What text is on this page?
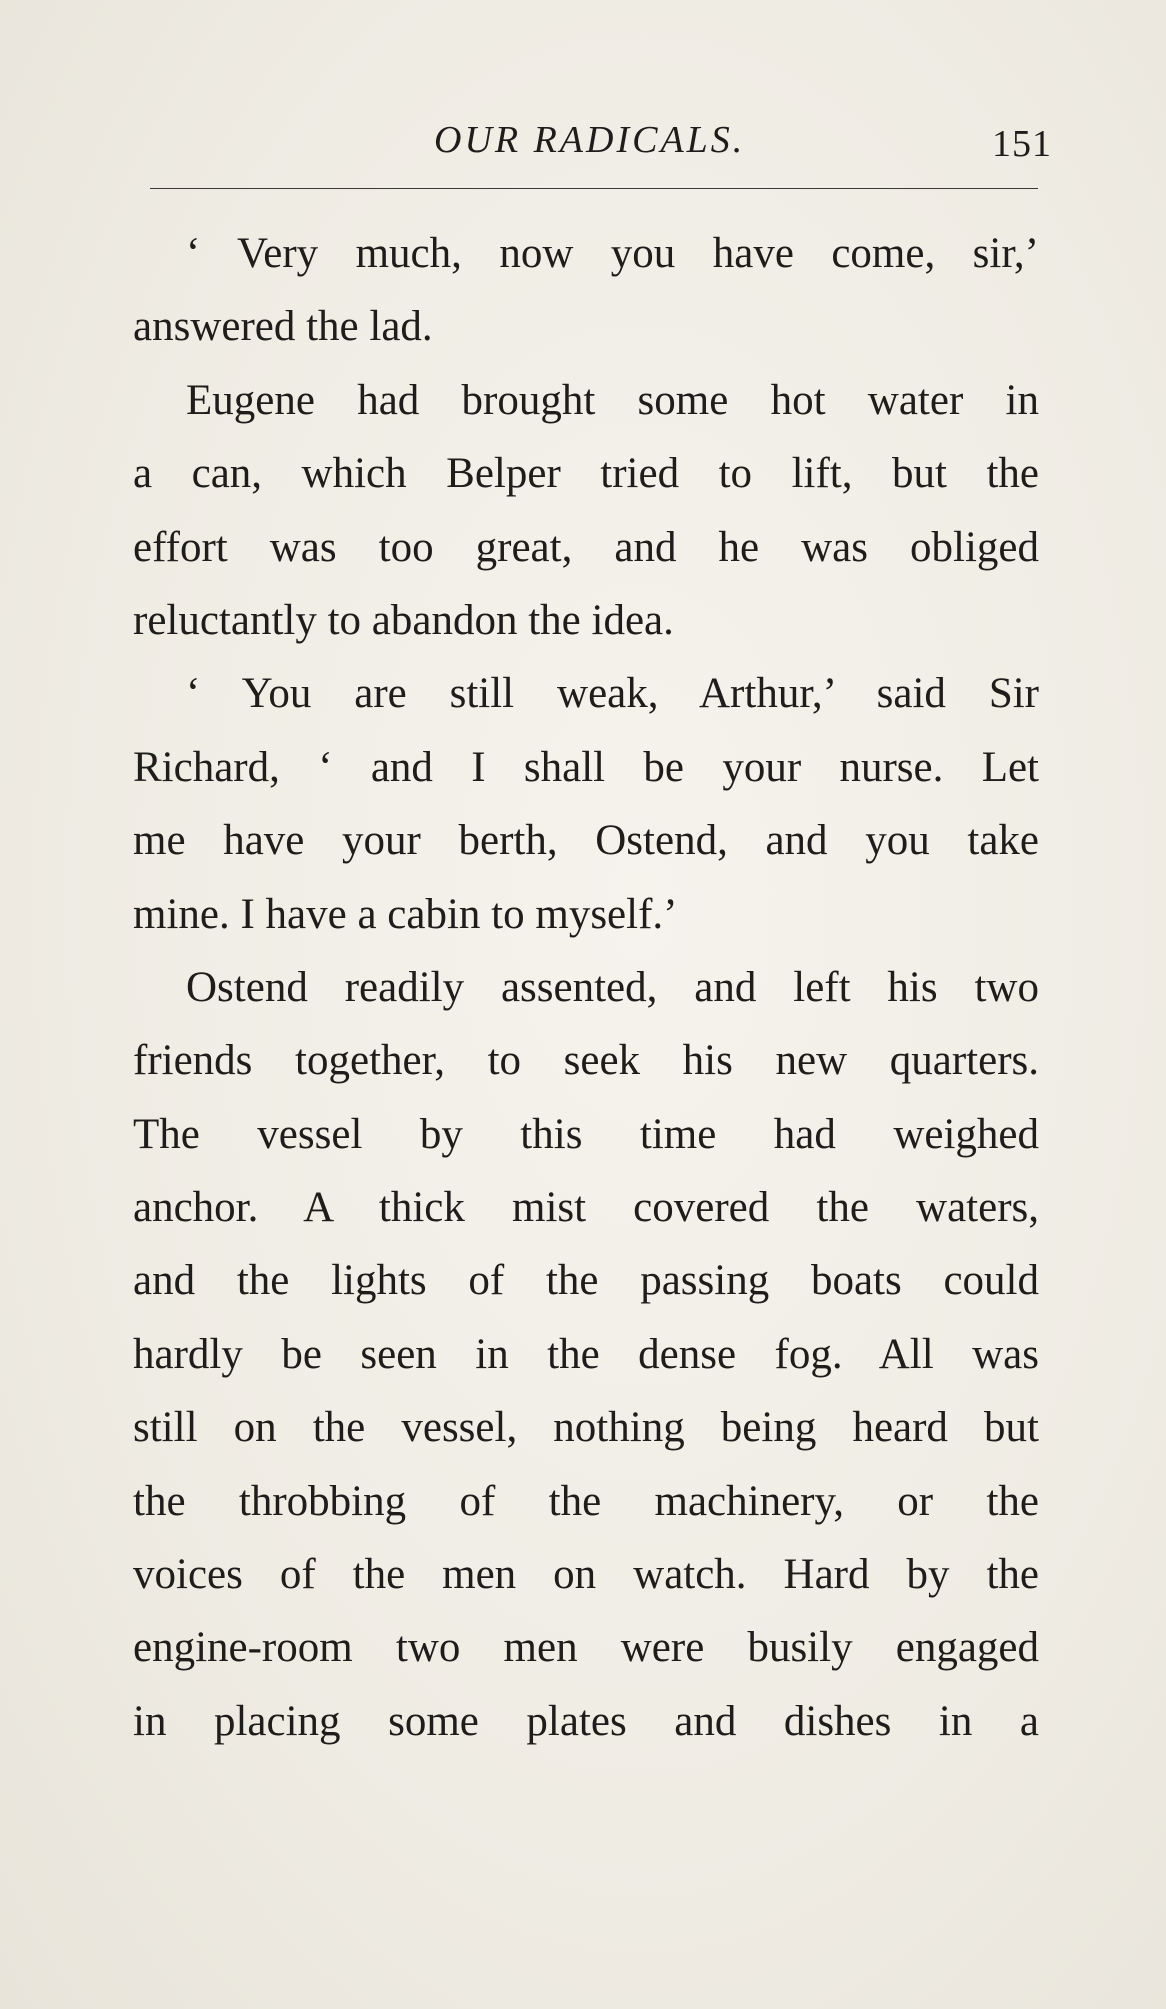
OUR RADICALS.	151
‘ Very much, now you have come, sir,’
answered the lad.
Eugene had brought some hot water in
a can, which Belper tried to lift, but the
effort was too great, and he was obliged
reluctantly to abandon the idea.
‘ You are still weak, Arthur,’ said Sir
Richard, ‘ and I shall be your nurse. Let
me have your berth, Ostend, and you take
mine. I have a cabin to myself.’
Ostend readily assented, and left his two
friends together, to seek his new quarters.
The vessel by this time had weighed
anchor. A thick mist covered the waters,
and the lights of the passing boats could
hardly be seen in the dense fog. All was
still on the vessel, nothing being heard but
the throbbing of the machinery, or the
voices of the men on watch. Hard by the
engine-room two men were busily engaged
in placing some plates and dishes in a
